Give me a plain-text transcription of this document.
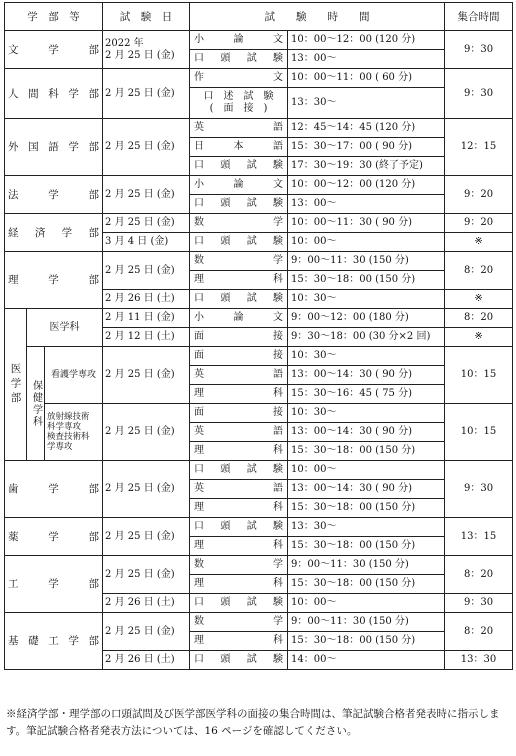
学　部　等			試　験　日	試　　験　　時　　間		集合時間
文　学　部			2022 年
2 月 25 日 (金)	小　論　文	10：00～12：00 (120 分)	9：30
				口　頭　試　験	13：00～	
人 間 科 学 部			2 月 25 日 (金)	作　　　　文	10：00～11：00 ( 60 分)	9：30
				口　述　試　験
(　面　接　)	13：30～	
外 国 語 学 部			2 月 25 日 (金)	英　　　　語	12：45～14：45 (120 分)	12：15
				日　　本　　語	15：30～17：00 ( 90 分)	
				口　頭　試　験	17：30～19：30 (終了予定)	
法　学　部			2 月 25 日 (金)	小　論　文	10：00～12：00 (120 分)	9：20
				口　頭　試　験	13：00～	
経　済　学　部			2 月 25 日 (金)	数　　　　学	10：00～11：30 ( 90 分)	9：20
			3 月 4 日 (金)	口　頭　試　験	10：00～	※
理　学　部			2 月 25 日 (金)	数　　　　学	9：00～11：30 (150 分)	8：20
				理　　　　科	15：30～18：00 (150 分)	
			2 月 26 日 (土)	口　頭　試　験	10：30～	※
医学部	医学科		2 月 11 日 (金)	小　論　文	9：00～12：00 (180 分)	8：20
			2 月 12 日 (土)	面　　　　接	9：30～18：00 (30 分×2 回)	※
	保健学科	看護学専攻	2 月 25 日 (金)	面　　　　接	10：30～	10：15
				英　　　　語	13：00～14：30 ( 90 分)	
				理　　　　科	15：30～16：45 ( 75 分)	
		放射線技術
科学専攻
検査技術科
学専攻	2 月 25 日 (金)	面　　　　接	10：30～	10：15
				英　　　　語	13：00～14：30 ( 90 分)	
				理　　　　科	15：30～18：00 (150 分)	
歯　学　部			2 月 25 日 (金)	口　頭　試　験	10：00～	9：30
				英　　　　語	13：00～14：30 ( 90 分)	
				理　　　　科	15：30～18：00 (150 分)	
薬　学　部			2 月 25 日 (金)	口　頭　試　験	13：30～	13：15
				理　　　　科	15：30～18：00 (150 分)	
工　学　部			2 月 25 日 (金)	数　　　　学	9：00～11：30 (150 分)	8：20
				理　　　　科	15：30～18：00 (150 分)	
			2 月 26 日 (土)	口　頭　試　験	10：00～	9：30
基 礎 工 学 部			2 月 25 日 (金)	数　　　　学	9：00～11：30 (150 分)	8：20
				理　　　　科	15：30～18：00 (150 分)	
			2 月 26 日 (土)	口　頭　試　験	14：00～	13：30
※経済学部・理学部の口頭試問及び医学部医学科の面接の集合時間は、筆記試験合格者発表時に指示します。筆記試験合格者発表方法については、16 ページを確認してください。
